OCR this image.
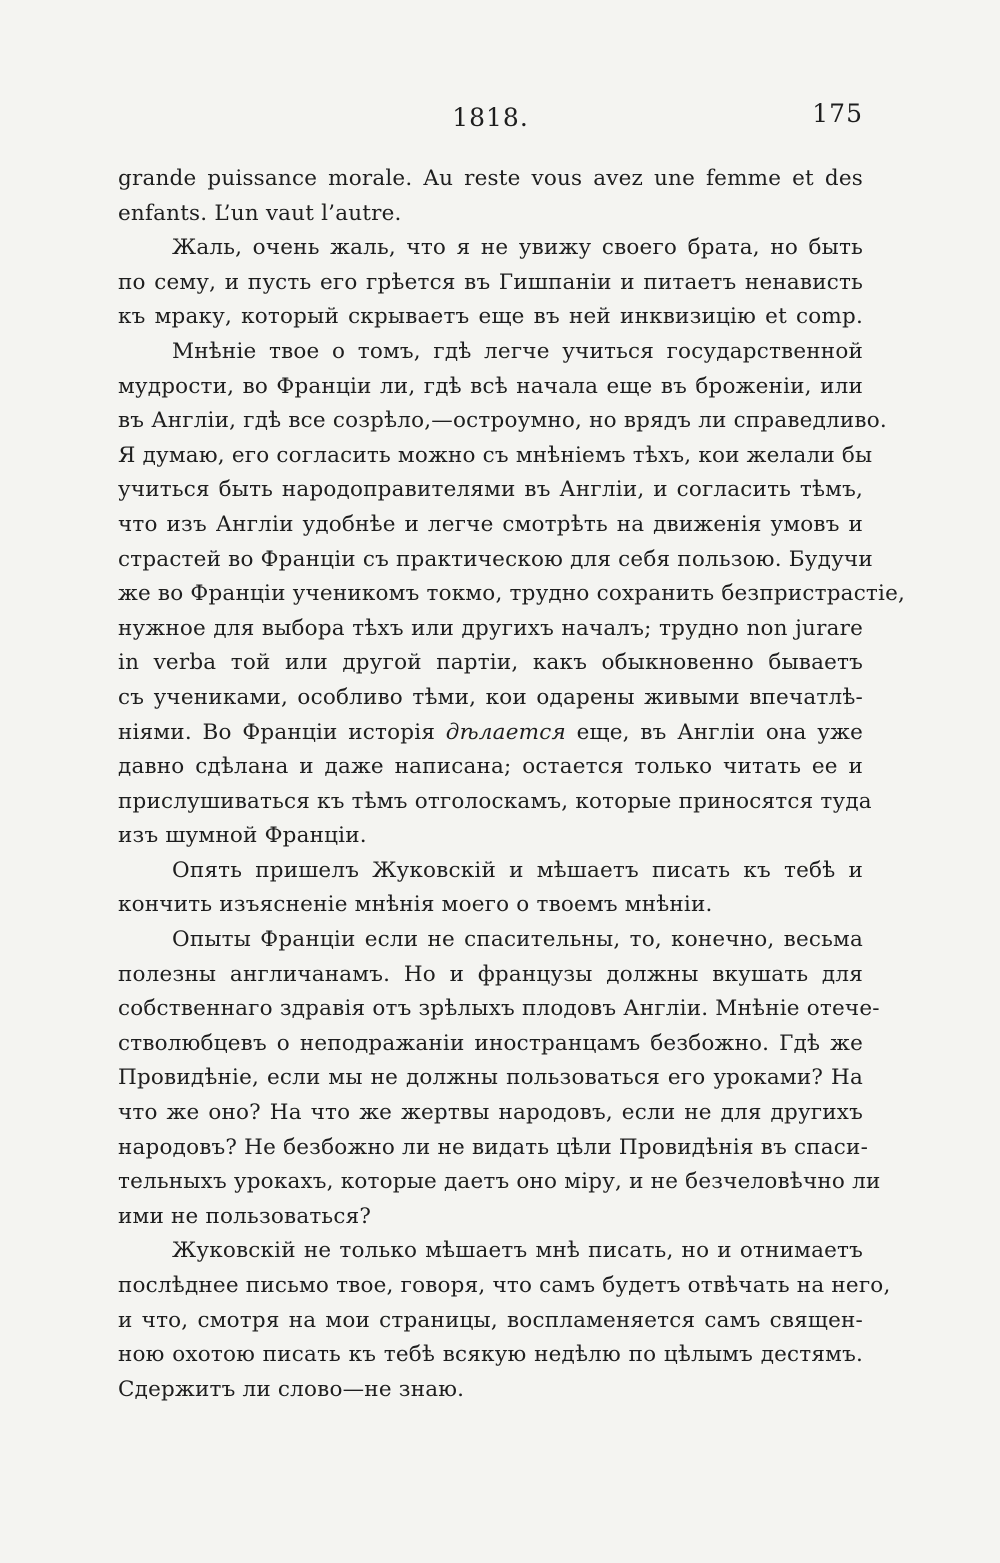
1818.	175
grande puissance morale. Au reste vous avez une femme et des
enfants. L’un vaut l’autre.
Жаль, очень жаль, что я не увижу своего брата, но быть
по сему, и пусть его грѣется въ Гишпаніи и питаетъ ненависть
къ мраку, который скрываетъ еще въ ней инквизицію et comp.
Мнѣніе твое о томъ, гдѣ легче учиться государственной
мудрости, во Франціи ли, гдѣ всѣ начала еще въ броженіи, или
въ Англіи, гдѣ все созрѣло,—остроумно, но врядъ ли справедливо.
Я думаю, его согласить можно съ мнѣніемъ тѣхъ, кои желали бы
учиться быть народоправителями въ Англіи, и согласить тѣмъ,
что изъ Англіи удобнѣе и легче смотрѣть на движенія умовъ и
страстей во Франціи съ практическою для себя пользою. Будучи
же во Франціи ученикомъ токмо, трудно сохранить безпристрастіе,
нужное для выбора тѣхъ или другихъ началъ; трудно non jurare
in verba той или другой партіи, какъ обыкновенно бываетъ
съ учениками, особливо тѣми, кои одарены живыми впечатлѣ-
ніями. Во Франціи исторія дѣлается еще, въ Англіи она уже
давно сдѣлана и даже написана; остается только читать ее и
прислушиваться къ тѣмъ отголоскамъ, которые приносятся туда
изъ шумной Франціи.
Опять пришелъ Жуковскій и мѣшаетъ писать къ тебѣ и
кончить изъясненіе мнѣнія моего о твоемъ мнѣніи.
Опыты Франціи если не спасительны, то, конечно, весьма
полезны англичанамъ. Но и французы должны вкушать для
собственнаго здравія отъ зрѣлыхъ плодовъ Англіи. Мнѣніе отече-
стволюбцевъ о неподражаніи иностранцамъ безбожно. Гдѣ же
Провидѣніе, если мы не должны пользоваться его уроками? На
что же оно? На что же жертвы народовъ, если не для другихъ
народовъ? Не безбожно ли не видать цѣли Провидѣнія въ спаси-
тельныхъ урокахъ, которые даетъ оно міру, и не безчеловѣчно ли
ими не пользоваться?
Жуковскій не только мѣшаетъ мнѣ писать, но и отнимаетъ
послѣднее письмо твое, говоря, что самъ будетъ отвѣчать на него,
и что, смотря на мои страницы, воспламеняется самъ священ-
ною охотою писать къ тебѣ всякую недѣлю по цѣлымъ дестямъ.
Сдержитъ ли слово—не знаю.
